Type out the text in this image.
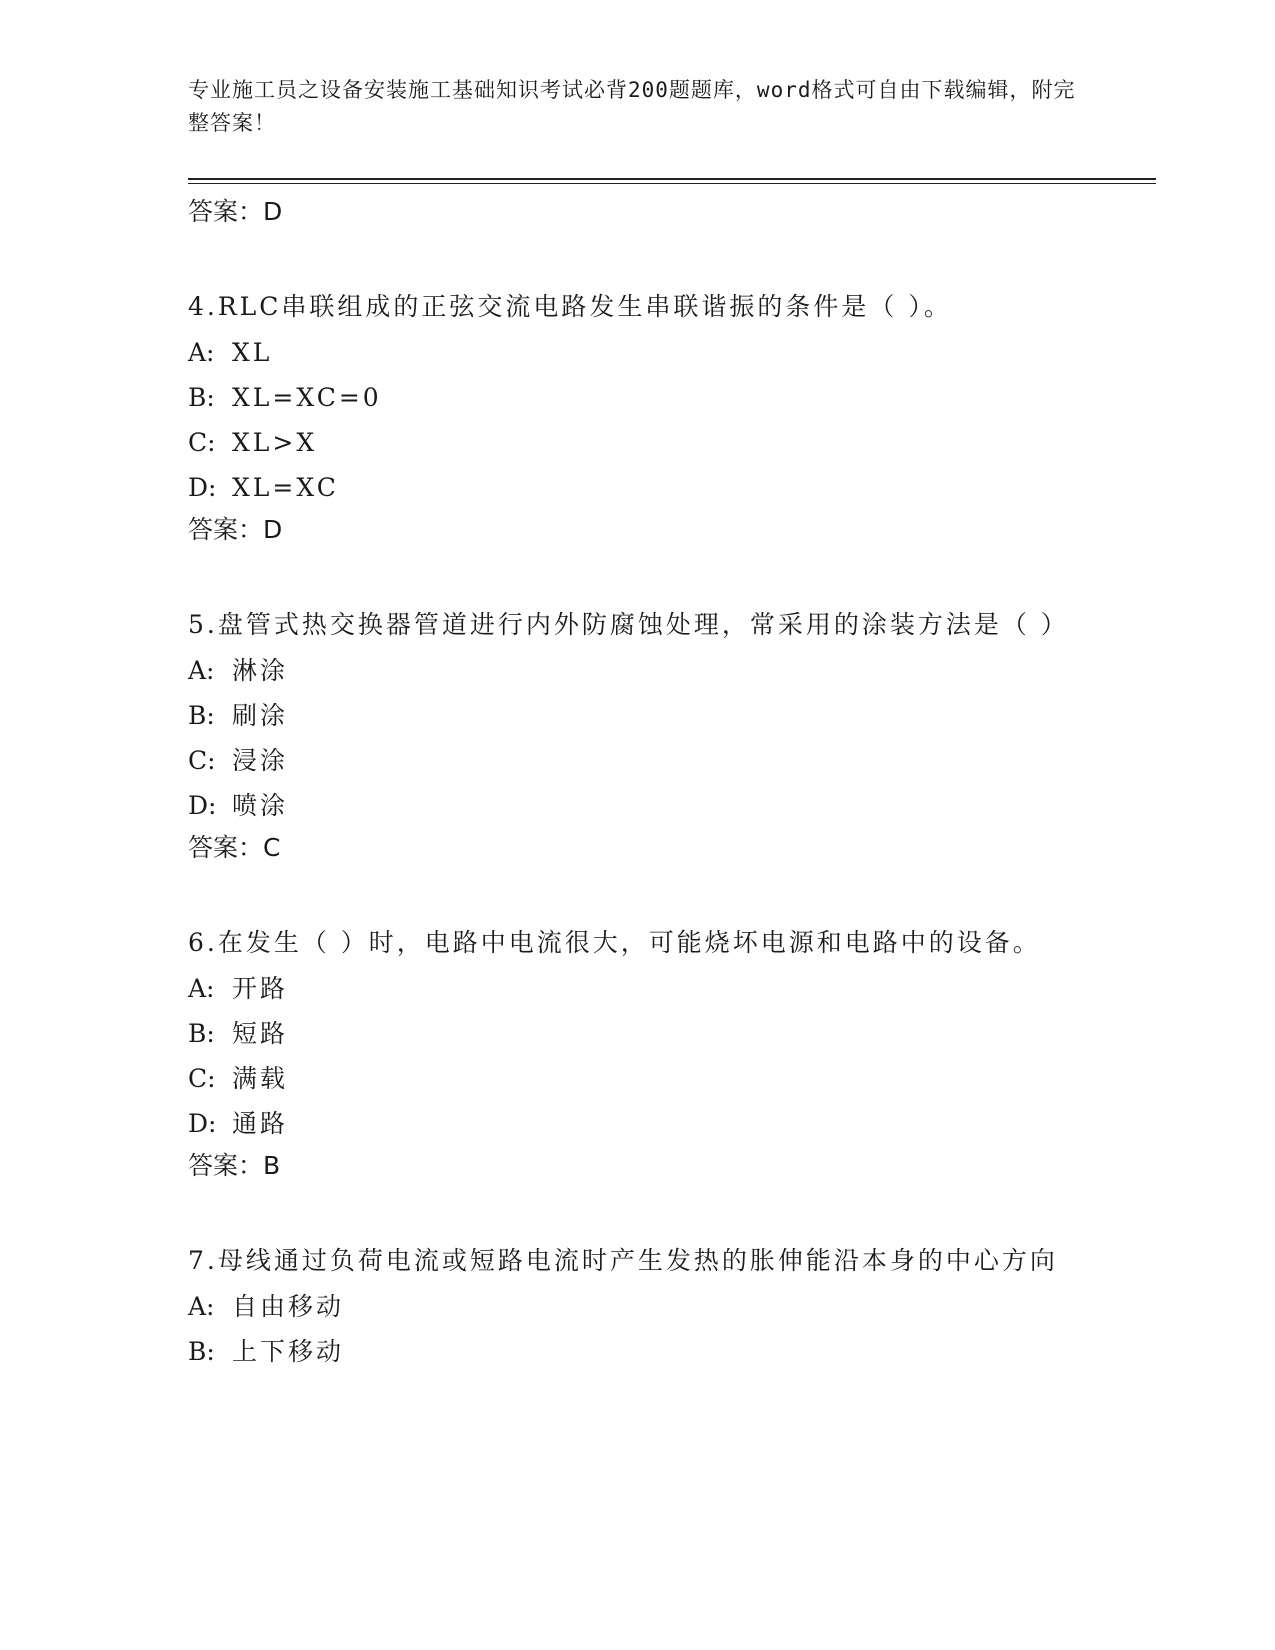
专业施工员之设备安装施工基础知识考试必背200题题库，word格式可自由下载编辑，附完整答案！
答案：D
4.RLC串联组成的正弦交流电路发生串联谐振的条件是（ ）。
A: XL
B: XL=XC=0
C: XL>X
D: XL=XC
答案：D
5.盘管式热交换器管道进行内外防腐蚀处理，常采用的涂装方法是（ ）
A: 淋涂
B: 刷涂
C: 浸涂
D: 喷涂
答案：C
6.在发生（ ）时，电路中电流很大，可能烧坏电源和电路中的设备。
A: 开路
B: 短路
C: 满载
D: 通路
答案：B
7.母线通过负荷电流或短路电流时产生发热的胀伸能沿本身的中心方向
A: 自由移动
B: 上下移动
